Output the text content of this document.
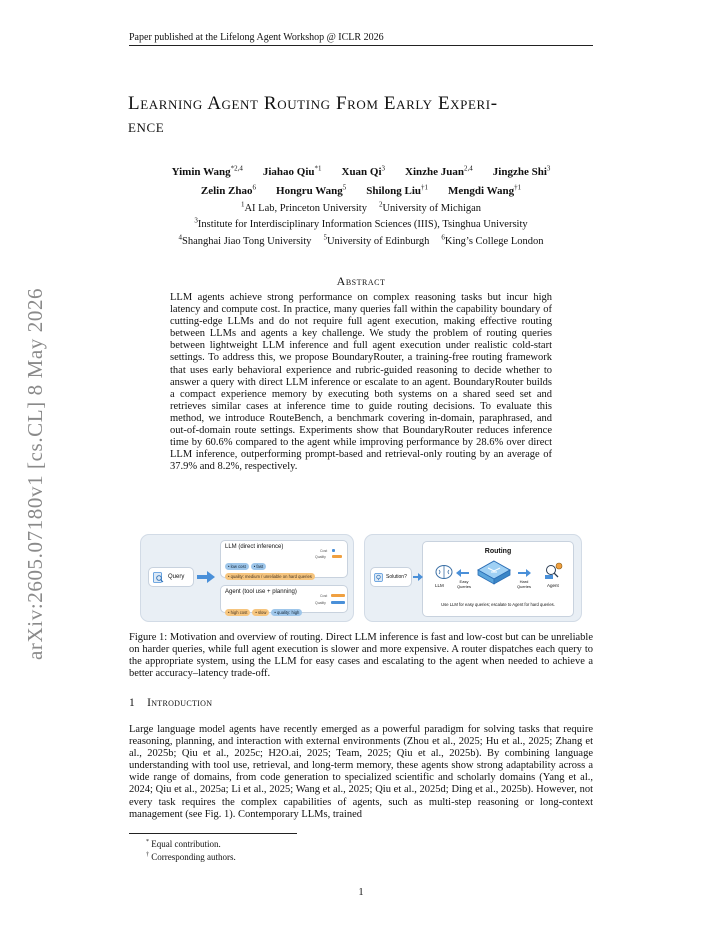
Paper published at the Lifelong Agent Workshop @ ICLR 2026
arXiv:2605.07180v1 [cs.CL] 8 May 2026
Learning Agent Routing From Early Experi-
ence
Yimin Wang$^{*2,4}$ Jiahao Qiu$^{*1}$ Xuan Qi$^3$ Xinzhe Juan$^{2,4}$ Jingzhe Shi$^3$
Zelin Zhao$^6$ Hongru Wang$^5$ Shilong Liu$^{\dagger 1}$ Mengdi Wang$^{\dagger 1}$
$^1$AI Lab, Princeton University $^2$University of Michigan
$^3$Institute for Interdisciplinary Information Sciences (IIIS), Tsinghua University
$^4$Shanghai Jiao Tong University $^5$University of Edinburgh $^6$King’s College London
Abstract
LLM agents achieve strong performance on complex reasoning tasks but incur high latency and compute cost. In practice, many queries fall within the capability boundary of cutting-edge LLMs and do not require full agent execution, making effective routing between LLMs and agents a key challenge. We study the problem of routing queries between lightweight LLM inference and full agent execution under realistic cold-start settings. To address this, we propose BoundaryRouter, a training-free routing framework that uses early behavioral experience and rubric-guided reasoning to decide whether to answer a query with direct LLM inference or escalate to an agent. BoundaryRouter builds a compact experience memory by executing both systems on a shared seed set and retrieves similar cases at inference time to guide routing decisions. To evaluate this method, we introduce RouteBench, a benchmark covering in-domain, paraphrased, and out-of-domain route settings. Experiments show that BoundaryRouter reduces inference time by 60.6% compared to the agent while improving performance by 28.6% over direct LLM inference, outperforming prompt-based and retrieval-only routing by an average of 37.9% and 8.2%, respectively.
Query
LLM (direct inference)
• low cost • fast
• quality: medium / unreliable on hard queries
Cost
Quality
Agent (tool use + planning)
• high cost • slow • quality: high
Cost
Quality
Solution?
Routing
LLM
Easy Queries
Hard Queries	Agent
Use LLM for easy queries; escalate to Agent for hard queries.
Figure 1: Motivation and overview of routing. Direct LLM inference is fast and low-cost but can be unreliable on harder queries, while full agent execution is slower and more expensive. A router dispatches each query to the appropriate system, using the LLM for easy cases and escalating to the agent when needed to achieve a better accuracy–latency trade-off.
1 Introduction
Large language model agents have recently emerged as a powerful paradigm for solving tasks that require reasoning, planning, and interaction with external environments (Zhou et al., 2025; Hu et al., 2025; Zhang et al., 2025b; Qiu et al., 2025c; H2O.ai, 2025; Team, 2025; Qiu et al., 2025b). By combining language understanding with tool use, retrieval, and long-term memory, these agents show strong adaptability across a wide range of domains, from code generation to specialized scientific and scholarly domains (Yang et al., 2024; Qiu et al., 2025a; Li et al., 2025; Wang et al., 2025; Qiu et al., 2025d; Ding et al., 2025b). However, not every task requires the complex capabilities of agents, such as multi-step reasoning or long-context management (see Fig. 1). Contemporary LLMs, trained
* Equal contribution.
† Corresponding authors.
1
